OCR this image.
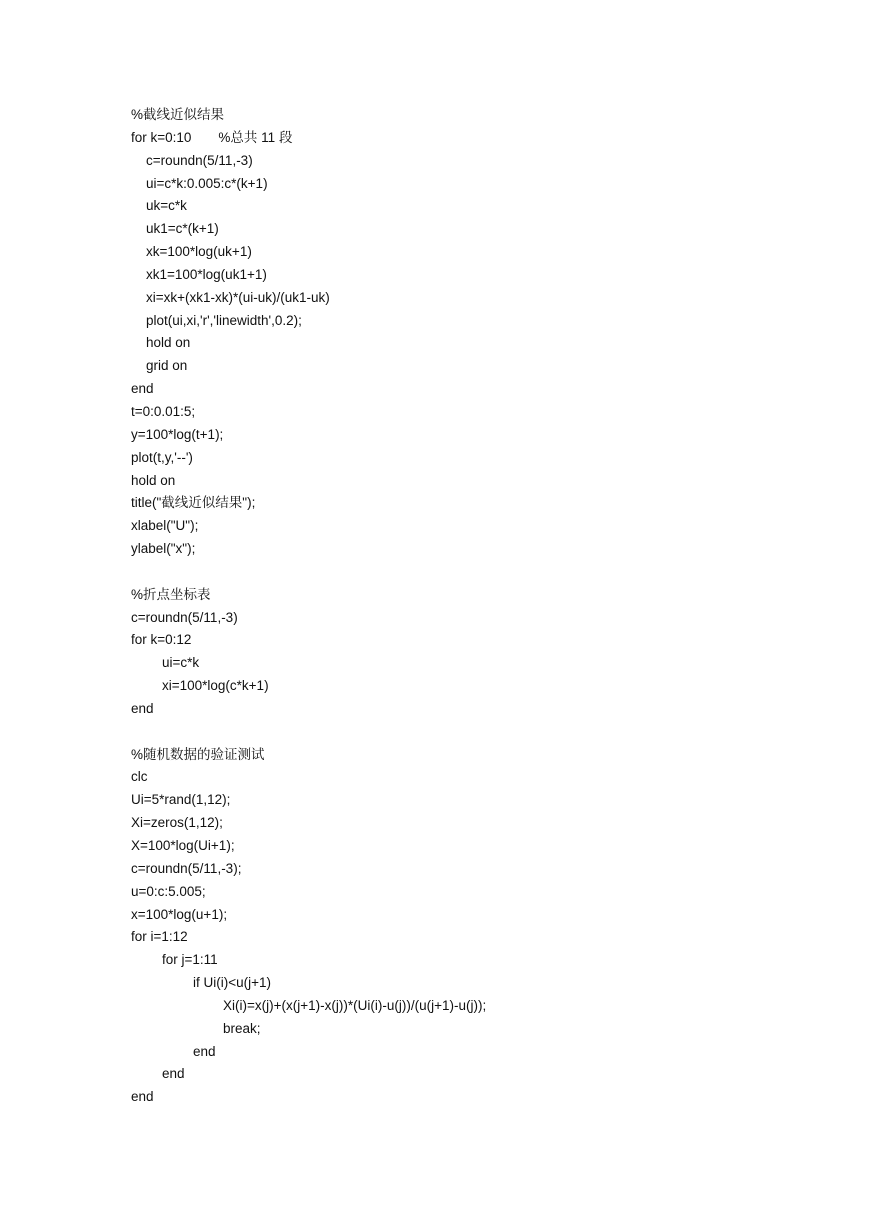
%截线近似结果
for k=0:10 %总共 11 段
c=roundn(5/11,-3)
ui=c*k:0.005:c*(k+1)
uk=c*k
uk1=c*(k+1)
xk=100*log(uk+1)
xk1=100*log(uk1+1)
xi=xk+(xk1-xk)*(ui-uk)/(uk1-uk)
plot(ui,xi,'r','linewidth',0.2);
hold on
grid on
end
t=0:0.01:5;
y=100*log(t+1);
plot(t,y,'--')
hold on
title("截线近似结果");
xlabel("U");
ylabel("x");
%折点坐标表
c=roundn(5/11,-3)
for k=0:12
ui=c*k
xi=100*log(c*k+1)
end
%随机数据的验证测试
clc
Ui=5*rand(1,12);
Xi=zeros(1,12);
X=100*log(Ui+1);
c=roundn(5/11,-3);
u=0:c:5.005;
x=100*log(u+1);
for i=1:12
for j=1:11
if Ui(i)<u(j+1)
Xi(i)=x(j)+(x(j+1)-x(j))*(Ui(i)-u(j))/(u(j+1)-u(j));
break;
end
end
end
